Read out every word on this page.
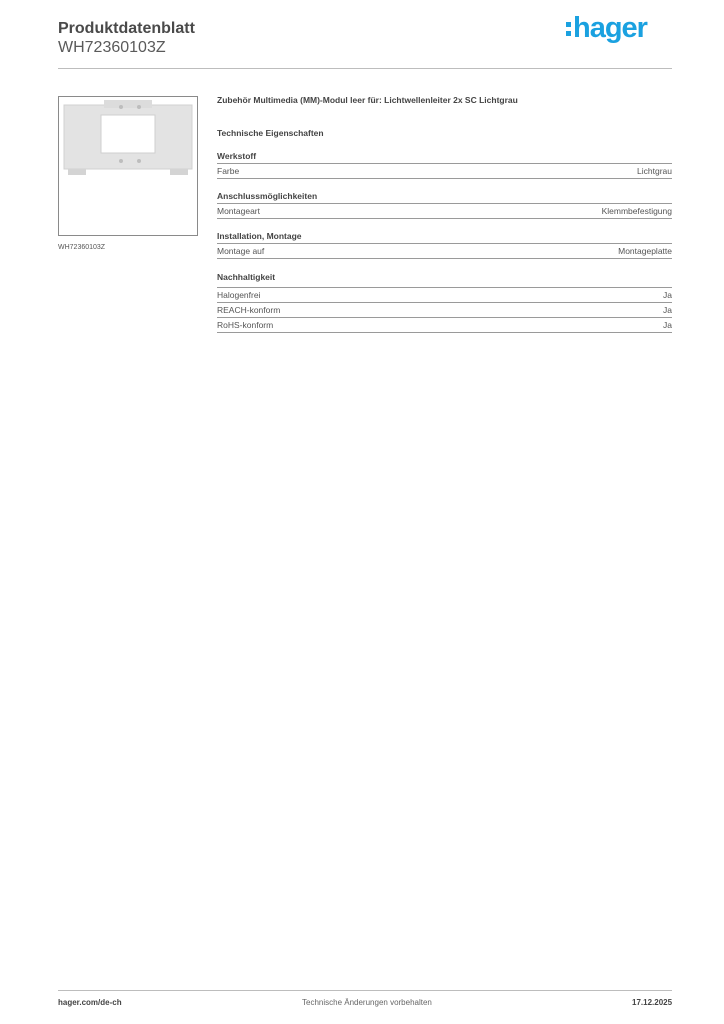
Produktdatenblatt
WH72360103Z
hager
WH72360103Z
Zubehör Multimedia (MM)-Modul leer für: Lichtwellenleiter 2x SC Lichtgrau
Technische Eigenschaften
Werkstoff
Farbe	Lichtgrau
Anschlussmöglichkeiten
Montageart	Klemmbefestigung
Installation, Montage
Montage auf	Montageplatte
Nachhaltigkeit
Halogenfrei	Ja
REACH-konform	Ja
RoHS-konform	Ja
hager.com/de-ch	Technische Änderungen vorbehalten	17.12.2025
